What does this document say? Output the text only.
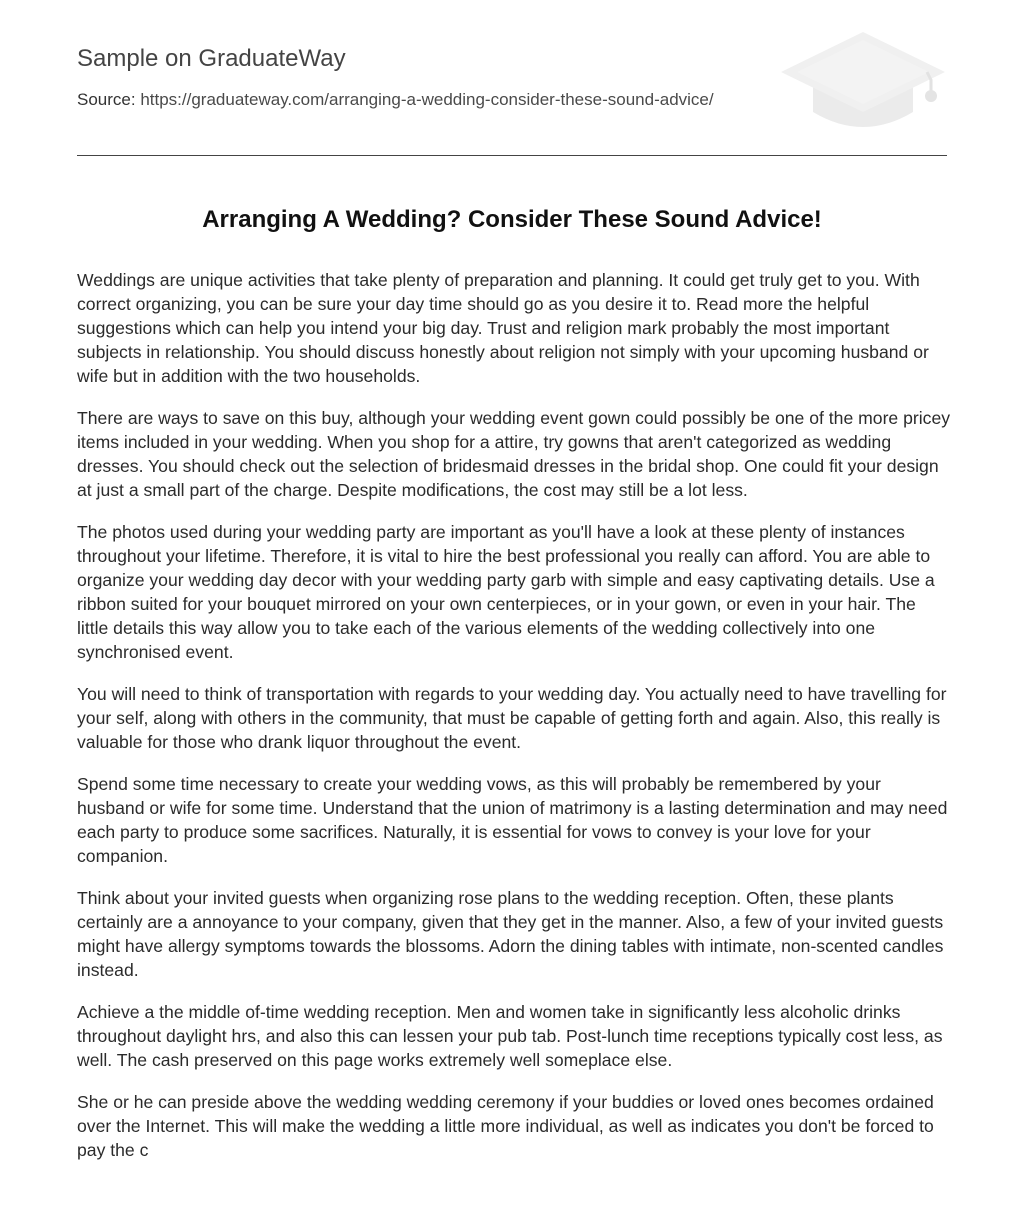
Sample on GraduateWay
Source: https://graduateway.com/arranging-a-wedding-consider-these-sound-advice/
Arranging A Wedding? Consider These Sound Advice!

Weddings are unique activities that take plenty of preparation and planning. It could get truly get to you. With correct organizing, you can be sure your day time should go as you desire it to. Read more the helpful suggestions which can help you intend your big day. Trust and religion mark probably the most important subjects in relationship. You should discuss honestly about religion not simply with your upcoming husband or wife but in addition with the two households.

There are ways to save on this buy, although your wedding event gown could possibly be one of the more pricey items included in your wedding. When you shop for a attire, try gowns that aren't categorized as wedding dresses. You should check out the selection of bridesmaid dresses in the bridal shop. One could fit your design at just a small part of the charge. Despite modifications, the cost may still be a lot less.

The photos used during your wedding party are important as you'll have a look at these plenty of instances throughout your lifetime. Therefore, it is vital to hire the best professional you really can afford. You are able to organize your wedding day decor with your wedding party garb with simple and easy captivating details. Use a ribbon suited for your bouquet mirrored on your own centerpieces, or in your gown, or even in your hair. The little details this way allow you to take each of the various elements of the wedding collectively into one synchronised event.

You will need to think of transportation with regards to your wedding day. You actually need to have travelling for your self, along with others in the community, that must be capable of getting forth and again. Also, this really is valuable for those who drank liquor throughout the event.

Spend some time necessary to create your wedding vows, as this will probably be remembered by your husband or wife for some time. Understand that the union of matrimony is a lasting determination and may need each party to produce some sacrifices. Naturally, it is essential for vows to convey is your love for your companion.

Think about your invited guests when organizing rose plans to the wedding reception. Often, these plants certainly are a annoyance to your company, given that they get in the manner. Also, a few of your invited guests might have allergy symptoms towards the blossoms. Adorn the dining tables with intimate, non-scented candles instead.

Achieve a the middle of-time wedding reception. Men and women take in significantly less alcoholic drinks throughout daylight hrs, and also this can lessen your pub tab. Post-lunch time receptions typically cost less, as well. The cash preserved on this page works extremely well someplace else.

She or he can preside above the wedding wedding ceremony if your buddies or loved ones becomes ordained over the Internet. This will make the wedding a little more individual, as well as indicates you don't be forced to pay the c
